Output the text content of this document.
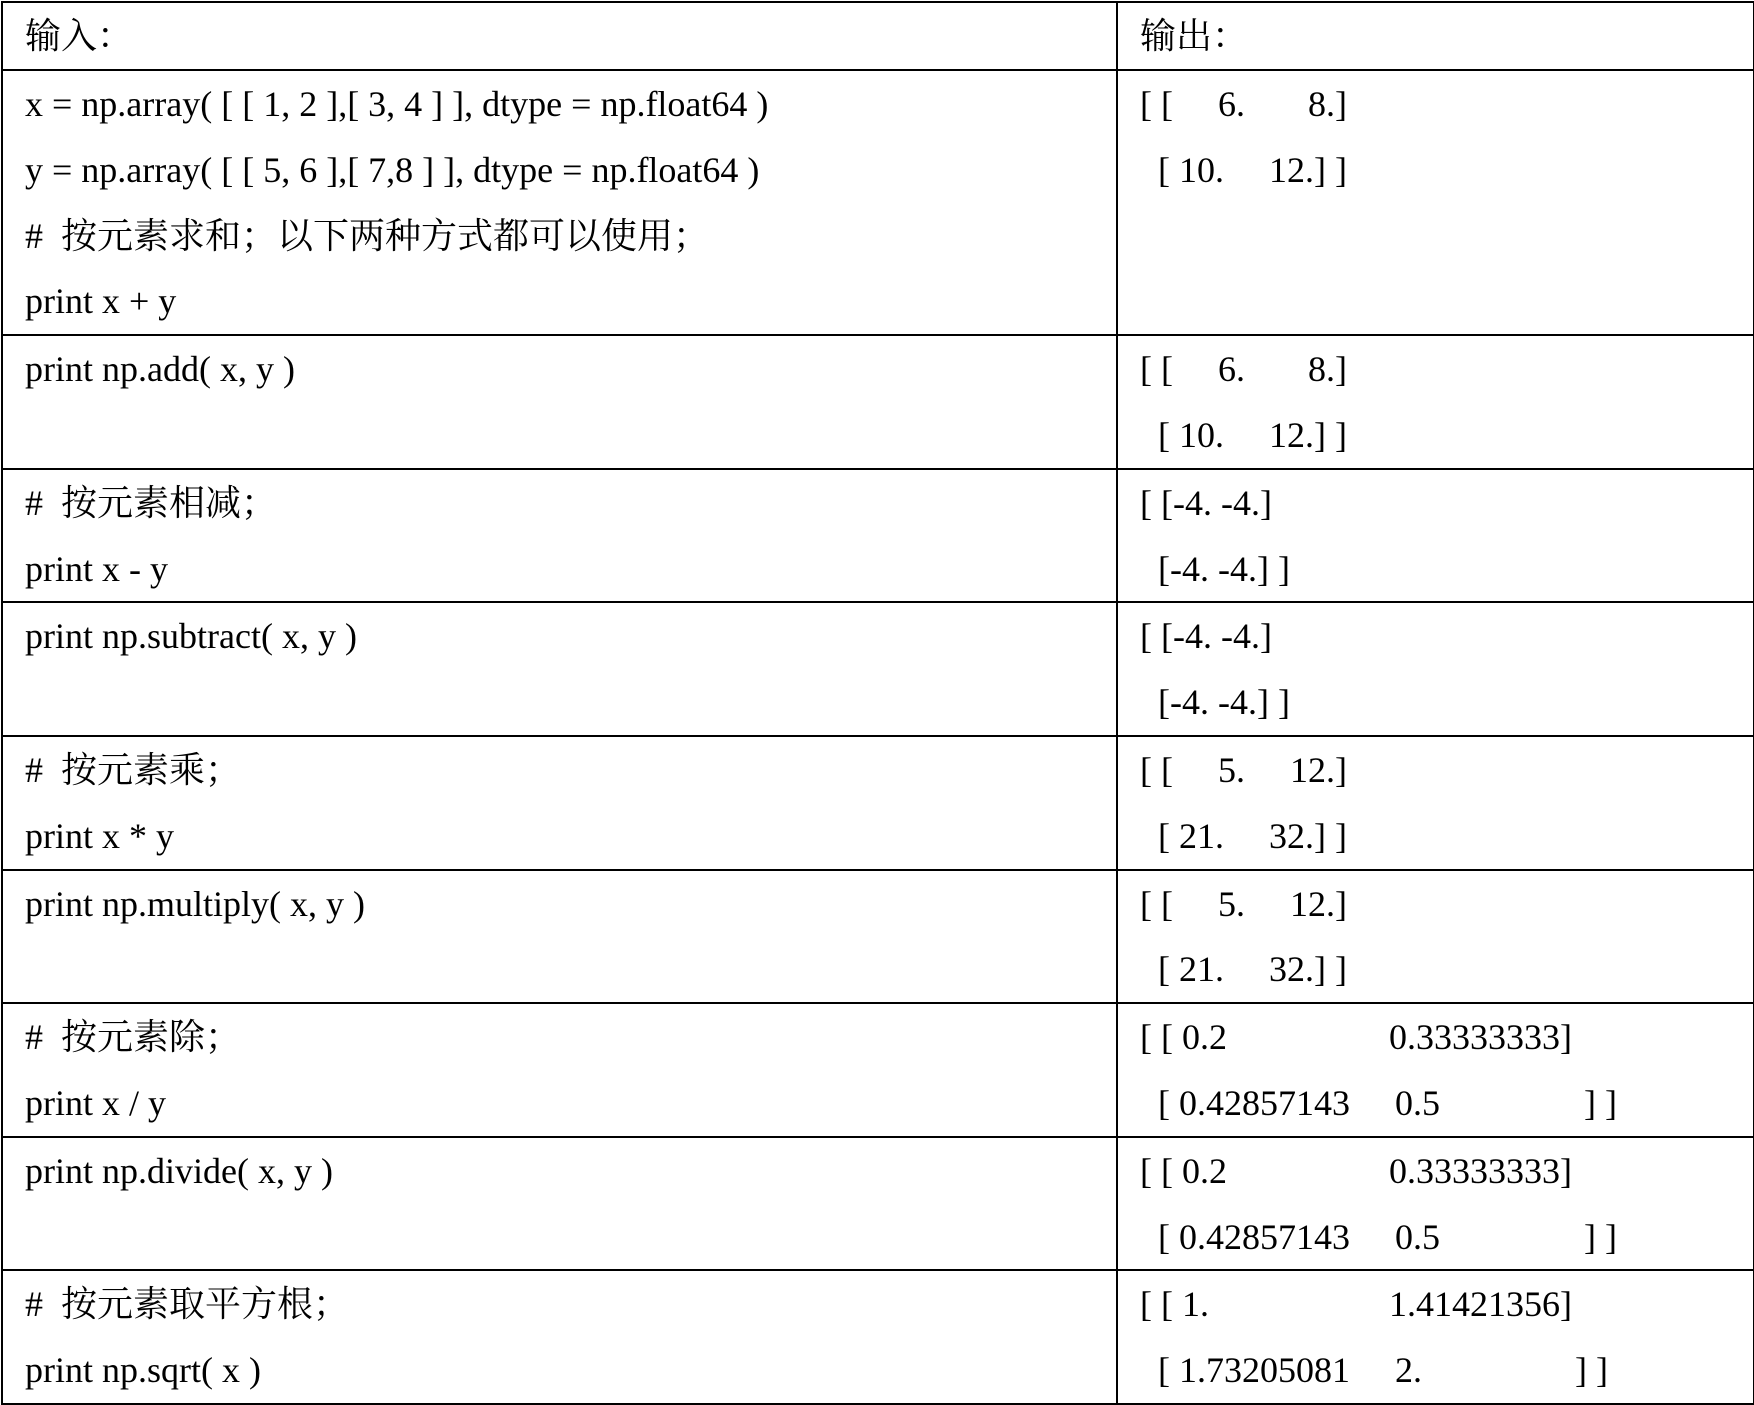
输入：	输出：

x = np.array( [ [ 1, 2 ],[ 3, 4 ] ], dtype = np.float64 )
y = np.array( [ [ 5, 6 ],[ 7,8 ] ], dtype = np.float64 )
#  按元素求和；以下两种方式都可以使用；
print x + y	[ [     6.       8.]
[ 10.     12.] ]

print np.add( x, y )	[ [     6.       8.]
[ 10.     12.] ]

#  按元素相减；
print x - y	[ [-4. -4.]
[-4. -4.] ]

print np.subtract( x, y )	[ [-4. -4.]
[-4. -4.] ]

#  按元素乘；
print x * y	[ [     5.     12.]
[ 21.     32.] ]

print np.multiply( x, y )	[ [     5.     12.]
[ 21.     32.] ]

#  按元素除；
print x / y	[ [ 0.2                  0.33333333]
[ 0.42857143     0.5                ] ]

print np.divide( x, y )	[ [ 0.2                  0.33333333]
[ 0.42857143     0.5                ] ]

#  按元素取平方根；
print np.sqrt( x )	[ [ 1.                    1.41421356]
[ 1.73205081     2.                 ] ]
